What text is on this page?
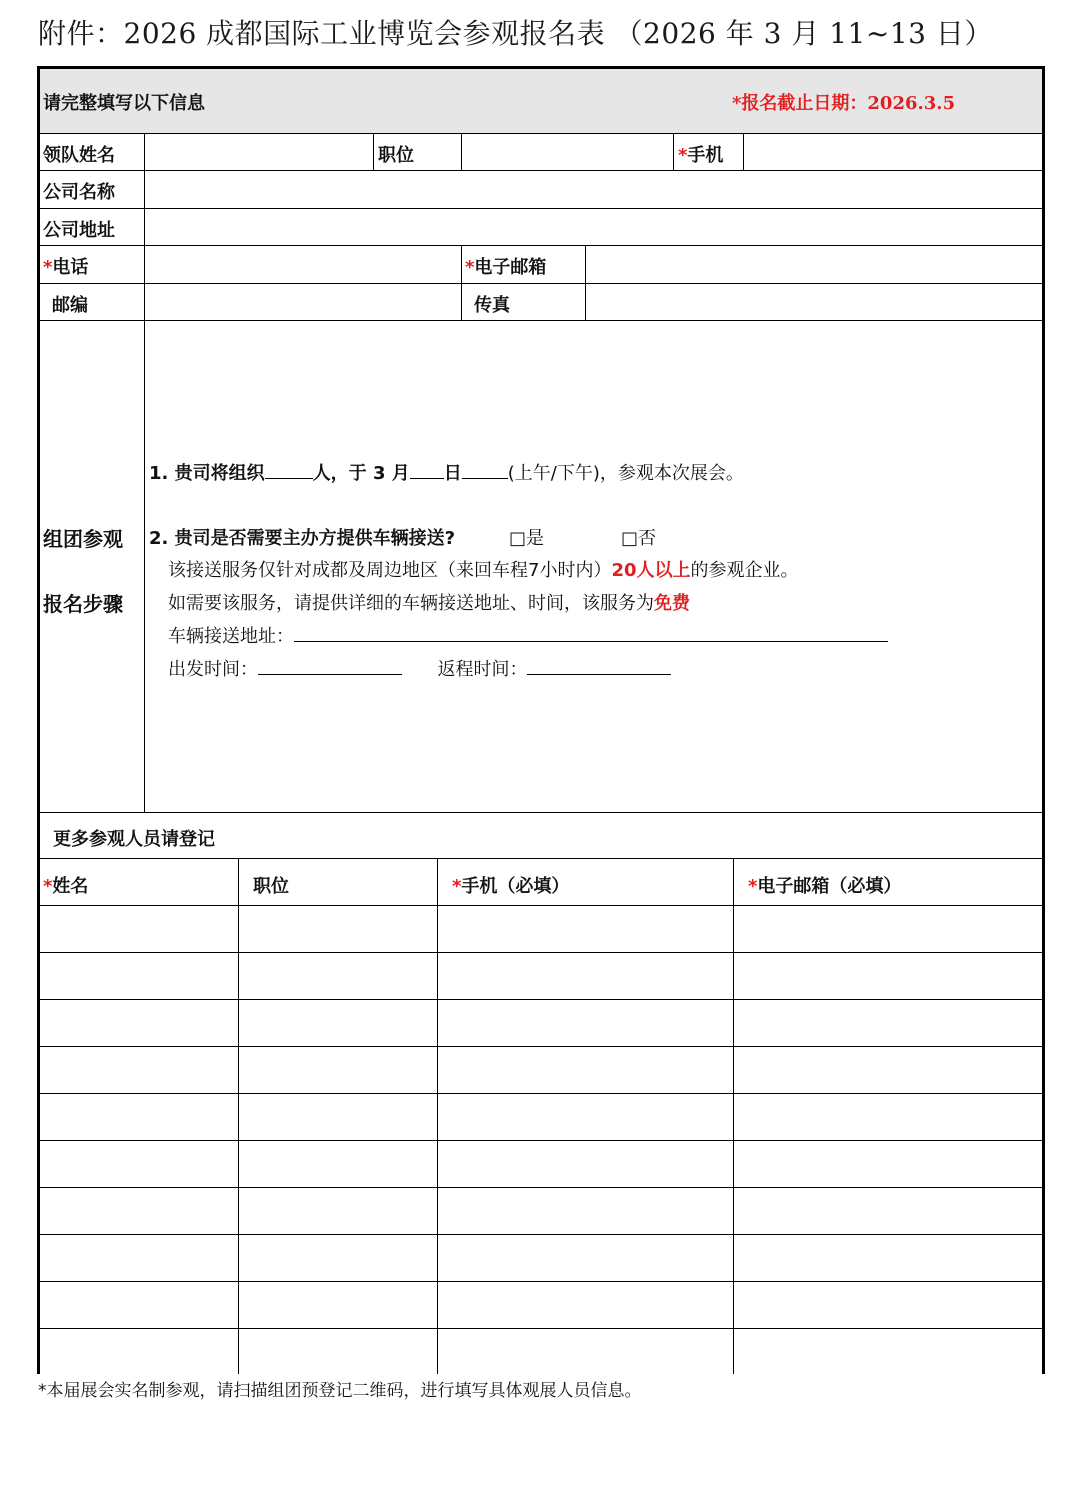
附件：2026 成都国际工业博览会参观报名表 （2026 年 3 月 11~13 日）
请完整填写以下信息	*报名截止日期：2026.3.5
领队姓名	职位	*手机
公司名称
公司地址
*电话	*电子邮箱
邮编	传真
组团参观
报名步骤
1. 贵司将组织	人，于 3 月 日	(上午/下午)，参观本次展会。
2. 贵司是否需要主办方提供车辆接送?	□是	□否
该接送服务仅针对成都及周边地区（来回车程7小时内）20人以上的参观企业。
如需要该服务，请提供详细的车辆接送地址、时间，该服务为免费
车辆接送地址：
出发时间：	返程时间：
更多参观人员请登记
*姓名	职位	*手机（必填）	*电子邮箱（必填）
*本届展会实名制参观，请扫描组团预登记二维码，进行填写具体观展人员信息。
